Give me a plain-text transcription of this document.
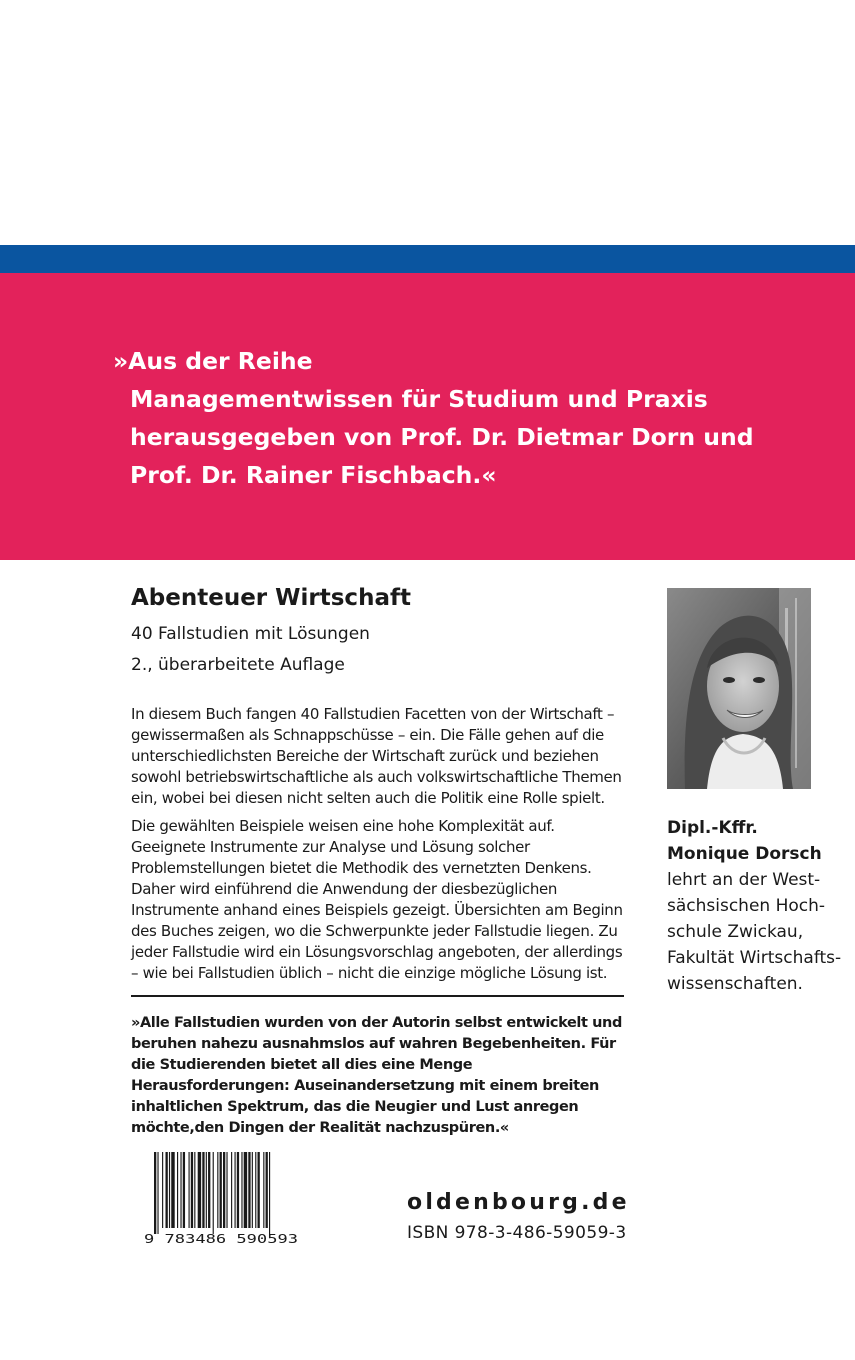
»Aus der Reihe
Managementwissen für Studium und Praxis
herausgegeben von Prof. Dr. Dietmar Dorn und
Prof. Dr. Rainer Fischbach.«
Abenteuer Wirtschaft
40 Fallstudien mit Lösungen
2., überarbeitete Auflage

In diesem Buch fangen 40 Fallstudien Facetten von der Wirtschaft – gewissermaßen als Schnappschüsse – ein. Die Fälle gehen auf die unterschiedlichsten Bereiche der Wirtschaft zurück und beziehen sowohl betriebswirtschaftliche als auch volkswirtschaftliche Themen ein, wobei bei diesen nicht selten auch die Politik eine Rolle spielt.

Die gewählten Beispiele weisen eine hohe Komplexität auf. Geeignete Instrumente zur Analyse und Lösung solcher Problemstellungen bietet die Methodik des vernetzten Denkens. Daher wird einführend die Anwendung der diesbezüglichen Instrumente anhand eines Beispiels gezeigt. Übersichten am Beginn des Buches zeigen, wo die Schwerpunkte jeder Fallstudie liegen. Zu jeder Fallstudie wird ein Lösungsvorschlag angeboten, der allerdings – wie bei Fallstudien üblich – nicht die einzige mögliche Lösung ist.

»Alle Fallstudien wurden von der Autorin selbst entwickelt und beruhen nahezu ausnahmslos auf wahren Begebenheiten. Für die Studierenden bietet all dies eine Menge Herausforderungen: Auseinandersetzung mit einem breiten inhaltlichen Spektrum, das die Neugier und Lust anregen möchte,den Dingen der Realität nachzuspüren.«

Dipl.-Kffr.
Monique Dorsch
lehrt an der West-
sächsischen Hoch-
schule Zwickau,
Fakultät Wirtschafts-
wissenschaften.
9 783486 590593
oldenbourg.de
ISBN 978-3-486-59059-3
